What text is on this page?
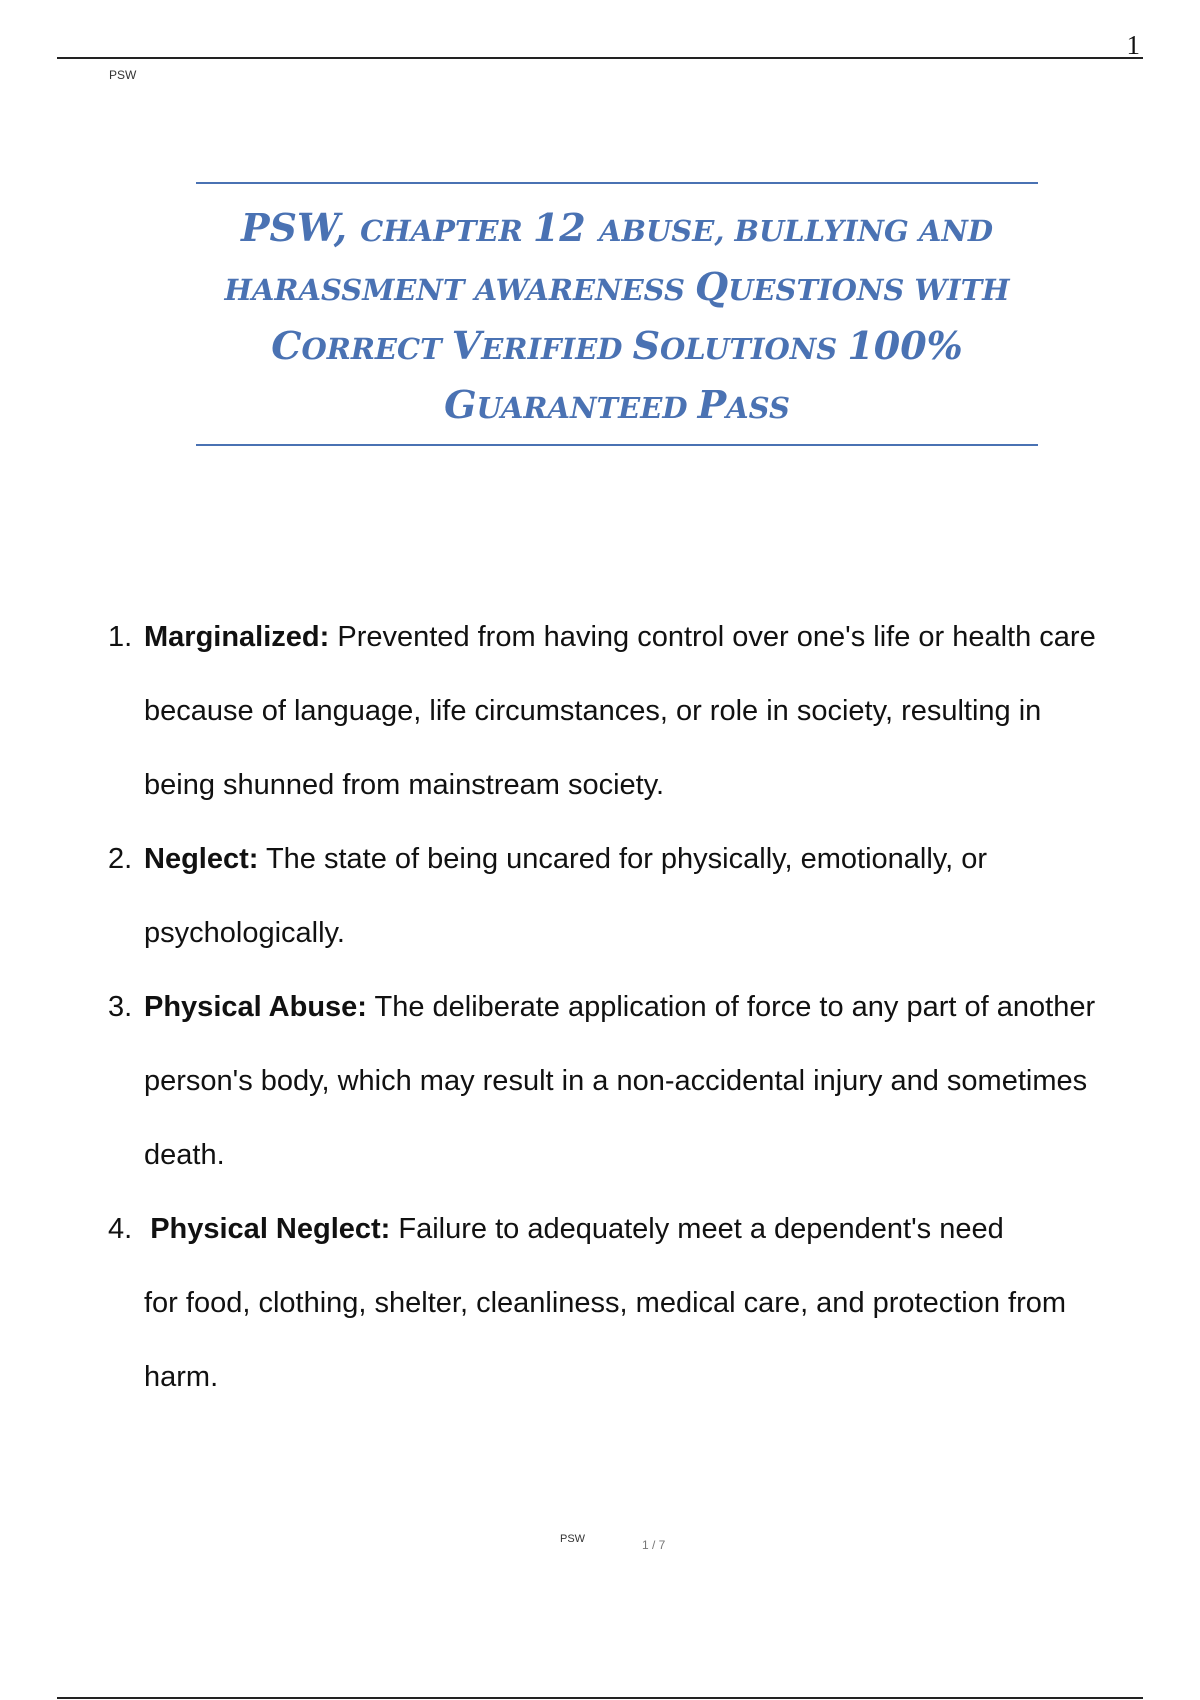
1
PSW
PSW, CHAPTER 12 ABUSE, BULLYING AND
HARASSMENT AWARENESS QUESTIONS WITH
CORRECT VERIFIED SOLUTIONS 100%
GUARANTEED PASS
1. Marginalized: Prevented from having control over one's life or health care because of language, life circumstances, or role in society, resulting in being shunned from mainstream society.
2. Neglect: The state of being uncared for physically, emotionally, or psychologically.
3. Physical Abuse: The deliberate application of force to any part of another person's body, which may result in a non-accidental injury and sometimes death.
4. Physical Neglect: Failure to adequately meet a dependent's need
for food, clothing, shelter, cleanliness, medical care, and protection from harm.
PSW	1 / 7
